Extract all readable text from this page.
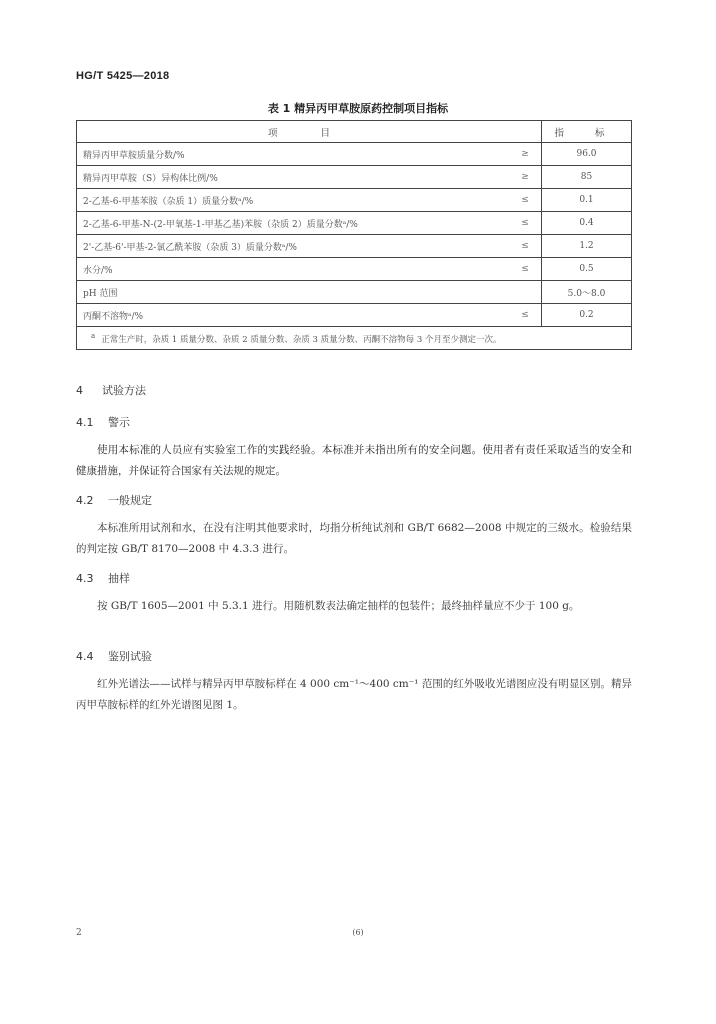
HG/T 5425—2018
表 1 精异丙甲草胺原药控制项目指标
项 目		指 标
精异丙甲草胺质量分数/%	≥	96.0
精异丙甲草胺（S）异构体比例/%	≥	85
2-乙基-6-甲基苯胺（杂质 1）质量分数ᵃ/%	≤	0.1
2-乙基-6-甲基-N-(2-甲氧基-1-甲基乙基)苯胺（杂质 2）质量分数ᵃ/%	≤	0.4
2'-乙基-6'-甲基-2-氯乙酰苯胺（杂质 3）质量分数ᵃ/%	≤	1.2
水分/%	≤	0.5
pH 范围		5.0～8.0
丙酮不溶物ᵃ/%	≤	0.2
$^a$ 正常生产时，杂质 1 质量分数、杂质 2 质量分数、杂质 3 质量分数、丙酮不溶物每 3 个月至少测定一次。		
4 试验方法
4.1 警示
使用本标准的人员应有实验室工作的实践经验。本标准并未指出所有的安全问题。使用者有责任采取适当的安全和健康措施，并保证符合国家有关法规的规定。
4.2 一般规定
本标准所用试剂和水，在没有注明其他要求时，均指分析纯试剂和 GB/T 6682—2008 中规定的三级水。检验结果的判定按 GB/T 8170—2008 中 4.3.3 进行。
4.3 抽样
按 GB/T 1605—2001 中 5.3.1 进行。用随机数表法确定抽样的包装件；最终抽样量应不少于 100 g。
4.4 鉴别试验
红外光谱法——试样与精异丙甲草胺标样在 4 000 cm⁻¹～400 cm⁻¹ 范围的红外吸收光谱图应没有明显区别。精异丙甲草胺标样的红外光谱图见图 1。
2	(6)
